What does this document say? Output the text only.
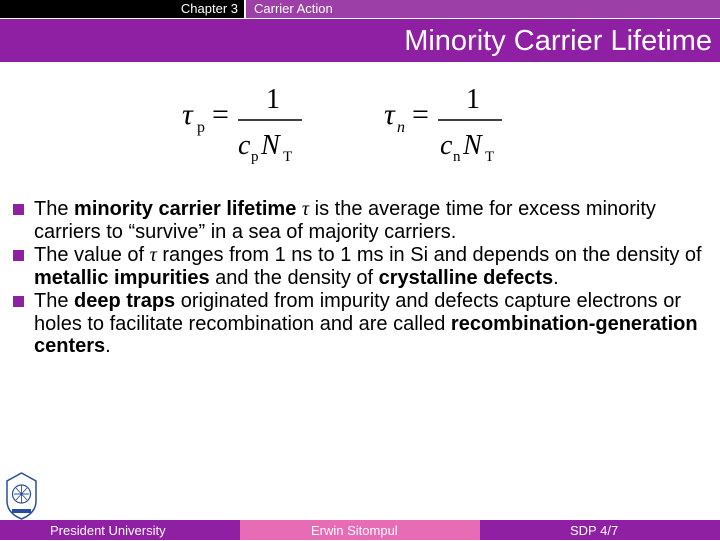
Chapter 3	Carrier Action
Minority Carrier Lifetime
τ p = 1
c p N T
τ n = 1
c n N T
The minority carrier lifetime τ is the average time for excess minority carriers to “survive” in a sea of majority carriers.
The value of τ ranges from 1 ns to 1 ms in Si and depends on the density of metallic impurities and the density of crystalline defects.
The deep traps originated from impurity and defects capture electrons or holes to facilitate recombination and are called recombination-generation centers.
President University	Erwin Sitompul	SDP 4/7
